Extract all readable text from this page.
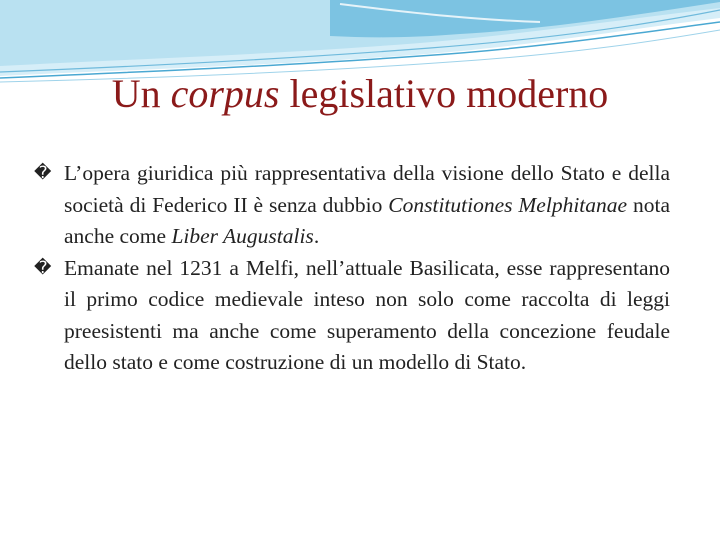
Un corpus legislativo moderno

� L’opera giuridica più rappresentativa della visione dello Stato e della società di Federico II è senza dubbio Constitutiones Melphitanae nota anche come Liber Augustalis.

� Emanate nel 1231 a Melfi, nell’attuale Basilicata, esse rappresentano il primo codice medievale inteso non solo come raccolta di leggi preesistenti ma anche come superamento della concezione feudale dello stato e come costruzione di un modello di Stato.
